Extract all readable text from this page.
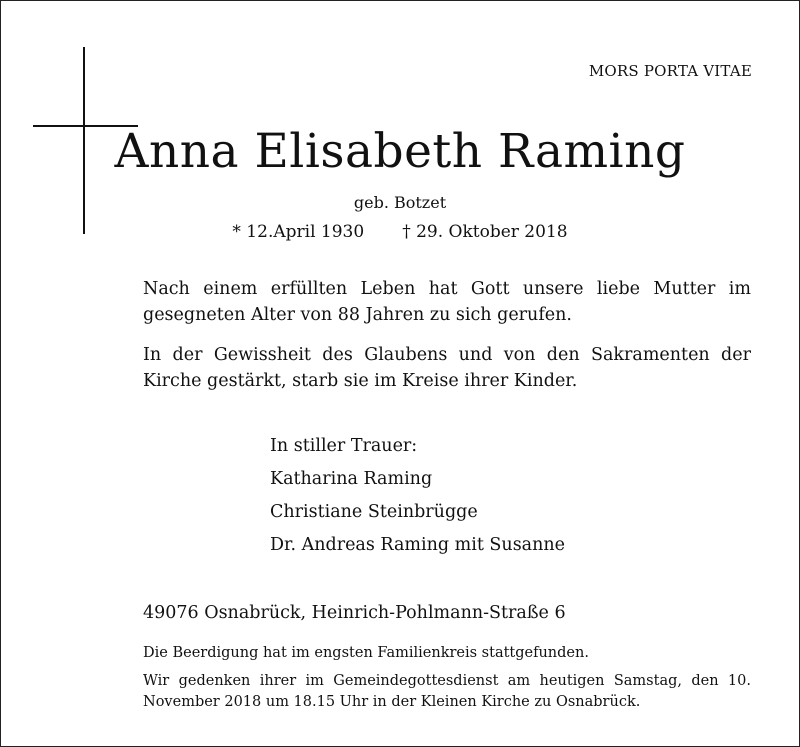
MORS PORTA VITAE
Anna Elisabeth Raming
geb. Botzet
* 12.April 1930 † 29. Oktober 2018
Nach einem erfüllten Leben hat Gott unsere liebe Mutter im gesegneten Alter von 88 Jahren zu sich gerufen.
In der Gewissheit des Glaubens und von den Sakramenten der Kirche gestärkt, starb sie im Kreise ihrer Kinder.
In stiller Trauer:
Katharina Raming
Christiane Steinbrügge
Dr. Andreas Raming mit Susanne
49076 Osnabrück, Heinrich-Pohlmann-Straße 6
Die Beerdigung hat im engsten Familienkreis stattgefunden.
Wir gedenken ihrer im Gemeindegottesdienst am heutigen Samstag, den 10. November 2018 um 18.15 Uhr in der Kleinen Kirche zu Osnabrück.
